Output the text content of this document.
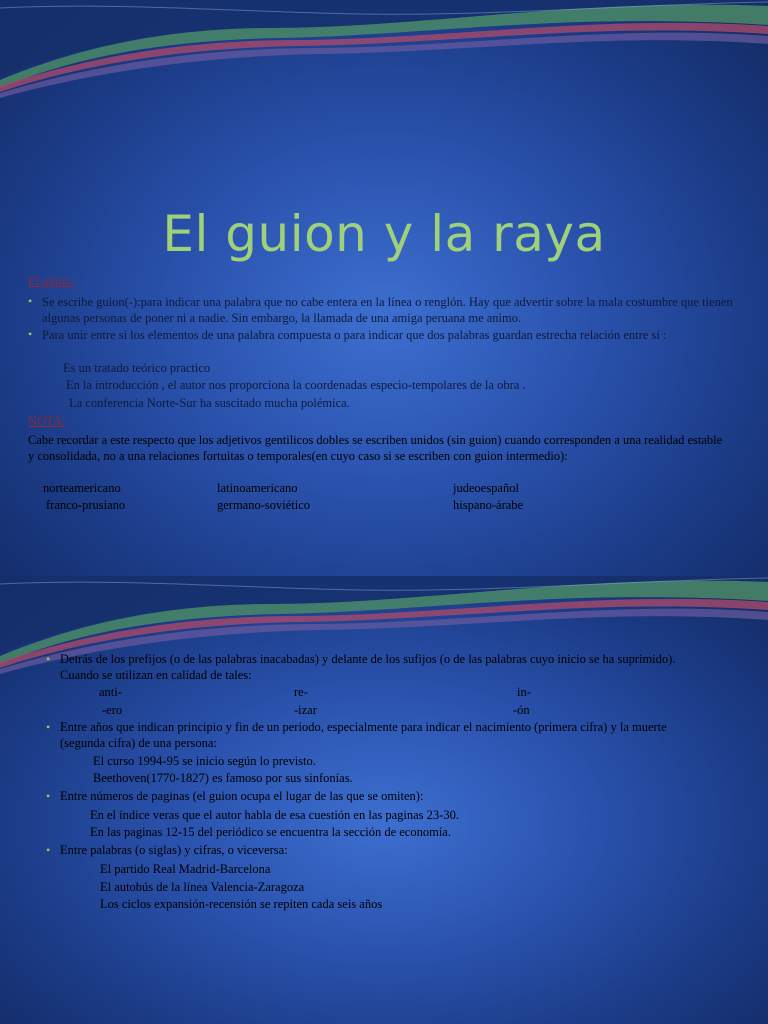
El guion y la raya
El guion:
• Se escribe guion(-):para indicar una palabra que no cabe entera en la línea o renglón. Hay que advertir sobre la mala costumbre que tienen algunas personas de poner ni a nadie. Sin embargo, la llamada de una amiga peruana me animo.
• Para unir entre si los elementos de una palabra compuesta o para indicar que dos palabras guardan estrecha relación entre sí :
Es un tratado teórico practico
En la introducción , el autor nos proporciona la coordenadas especio-tempolares de la obra .
La conferencia Norte-Sur ha suscitado mucha polémica.
NOTA:
Cabe recordar a este respecto que los adjetivos gentilicos dobles se escriben unidos (sin guion) cuando corresponden a una realidad estable y consolidada, no a una relaciones fortuitas o temporales(en cuyo caso si se escriben con guion intermedio):
norteamericano	latinoamericano	judeoespañol
franco-prusiano	germano-soviético	hispano-árabe
• Detrás de los prefijos (o de las palabras inacabadas) y delante de los sufijos (o de las palabras cuyo inicio se ha suprimido). Cuando se utilizan en calidad de tales:
anti-	re-	in-
-ero	-izar	-ón
• Entre años que indican principio y fin de un periodo, especialmente para indicar el nacimiento (primera cifra) y la muerte (segunda cifra) de una persona:
El curso 1994-95 se inicio según lo previsto.
Beethoven(1770-1827) es famoso por sus sinfonías.
• Entre números de paginas (el guion ocupa el lugar de las que se omiten):
En el índice veras que el autor habla de esa cuestión en las paginas 23-30.
En las paginas 12-15 del periódico se encuentra la sección de economía.
• Entre palabras (o siglas) y cifras, o viceversa:
El partido Real Madrid-Barcelona
El autobús de la línea Valencia-Zaragoza
Los ciclos expansión-recensión se repiten cada seis años
